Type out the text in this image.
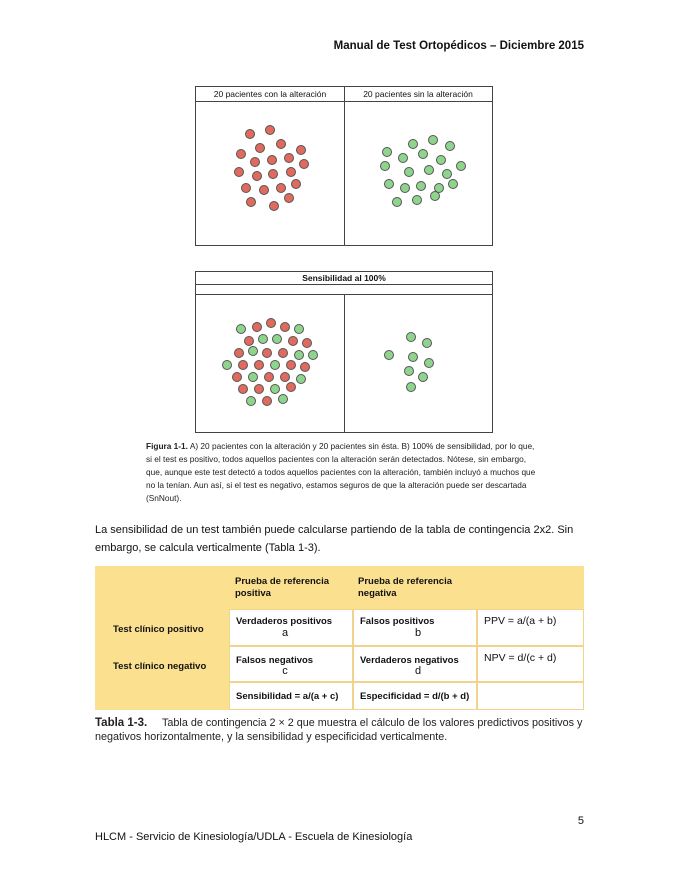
Manual de Test Ortopédicos – Diciembre 2015
20 pacientes con la alteración	20 pacientes sin la alteración
Sensibilidad al 100%
Figura 1-1. A) 20 pacientes con la alteración y 20 pacientes sin ésta. B) 100% de sensibilidad, por lo que, si el test es positivo, todos aquellos pacientes con la alteración serán detectados. Nótese, sin embargo, que, aunque este test detectó a todos aquellos pacientes con la alteración, también incluyó a muchos que no la tenían. Aun así, si el test es negativo, estamos seguros de que la alteración puede ser descartada (SnNout).
La sensibilidad de un test también puede calcularse partiendo de la tabla de contingencia 2x2. Sin embargo, se calcula verticalmente (Tabla 1-3).
Prueba de referencia positiva
Prueba de referencia negativa
Test clínico positivo
Test clínico negativo
Verdaderos positivos
a
Falsos positivos
b
PPV = a/(a + b)
Falsos negativos
c
Verdaderos negativos
d
NPV = d/(c + d)
Sensibilidad = a/(a + c)	Especificidad = d/(b + d)
Tabla 1-3. Tabla de contingencia 2 × 2 que muestra el cálculo de los valores predictivos positivos y negativos horizontalmente, y la sensibilidad y especificidad verticalmente.
5
HLCM - Servicio de Kinesiología/UDLA - Escuela de Kinesiología
